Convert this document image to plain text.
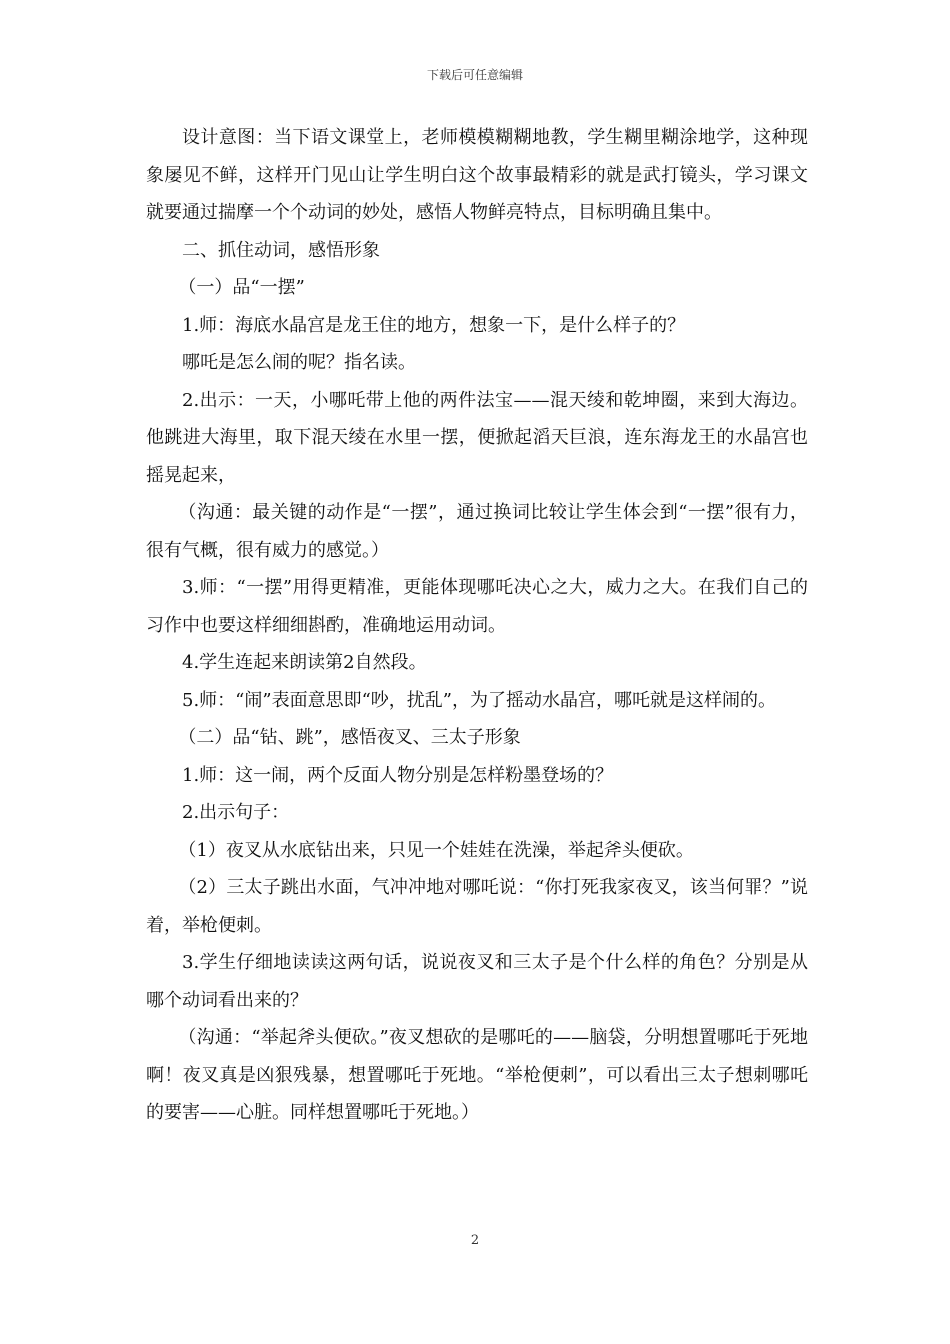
下载后可任意编辑

设计意图：当下语文课堂上，老师模模糊糊地教，学生糊里糊涂地学，这种现象屡见不鲜，这样开门见山让学生明白这个故事最精彩的就是武打镜头，学习课文就要通过揣摩一个个动词的妙处，感悟人物鲜亮特点，目标明确且集中。

二、抓住动词，感悟形象

（一）品“一摆”

1.师：海底水晶宫是龙王住的地方，想象一下，是什么样子的？

哪吒是怎么闹的呢？指名读。

2.出示：一天，小哪吒带上他的两件法宝——混天绫和乾坤圈，来到大海边。他跳进大海里，取下混天绫在水里一摆，便掀起滔天巨浪，连东海龙王的水晶宫也摇晃起来，

（沟通：最关键的动作是“一摆”，通过换词比较让学生体会到“一摆”很有力，很有气概，很有威力的感觉。）

3.师：“一摆”用得更精准，更能体现哪吒决心之大，威力之大。在我们自己的习作中也要这样细细斟酌，准确地运用动词。

4.学生连起来朗读第2自然段。

5.师：“闹”表面意思即“吵，扰乱”，为了摇动水晶宫，哪吒就是这样闹的。

（二）品“钻、跳”，感悟夜叉、三太子形象

1.师：这一闹，两个反面人物分别是怎样粉墨登场的？

2.出示句子：

（1）夜叉从水底钻出来，只见一个娃娃在洗澡，举起斧头便砍。

（2）三太子跳出水面，气冲冲地对哪吒说：“你打死我家夜叉，该当何罪？”说着，举枪便刺。

3.学生仔细地读读这两句话，说说夜叉和三太子是个什么样的角色？分别是从哪个动词看出来的？

（沟通：“举起斧头便砍。”夜叉想砍的是哪吒的——脑袋，分明想置哪吒于死地啊！夜叉真是凶狠残暴，想置哪吒于死地。“举枪便刺”，可以看出三太子想刺哪吒的要害——心脏。同样想置哪吒于死地。）

2
